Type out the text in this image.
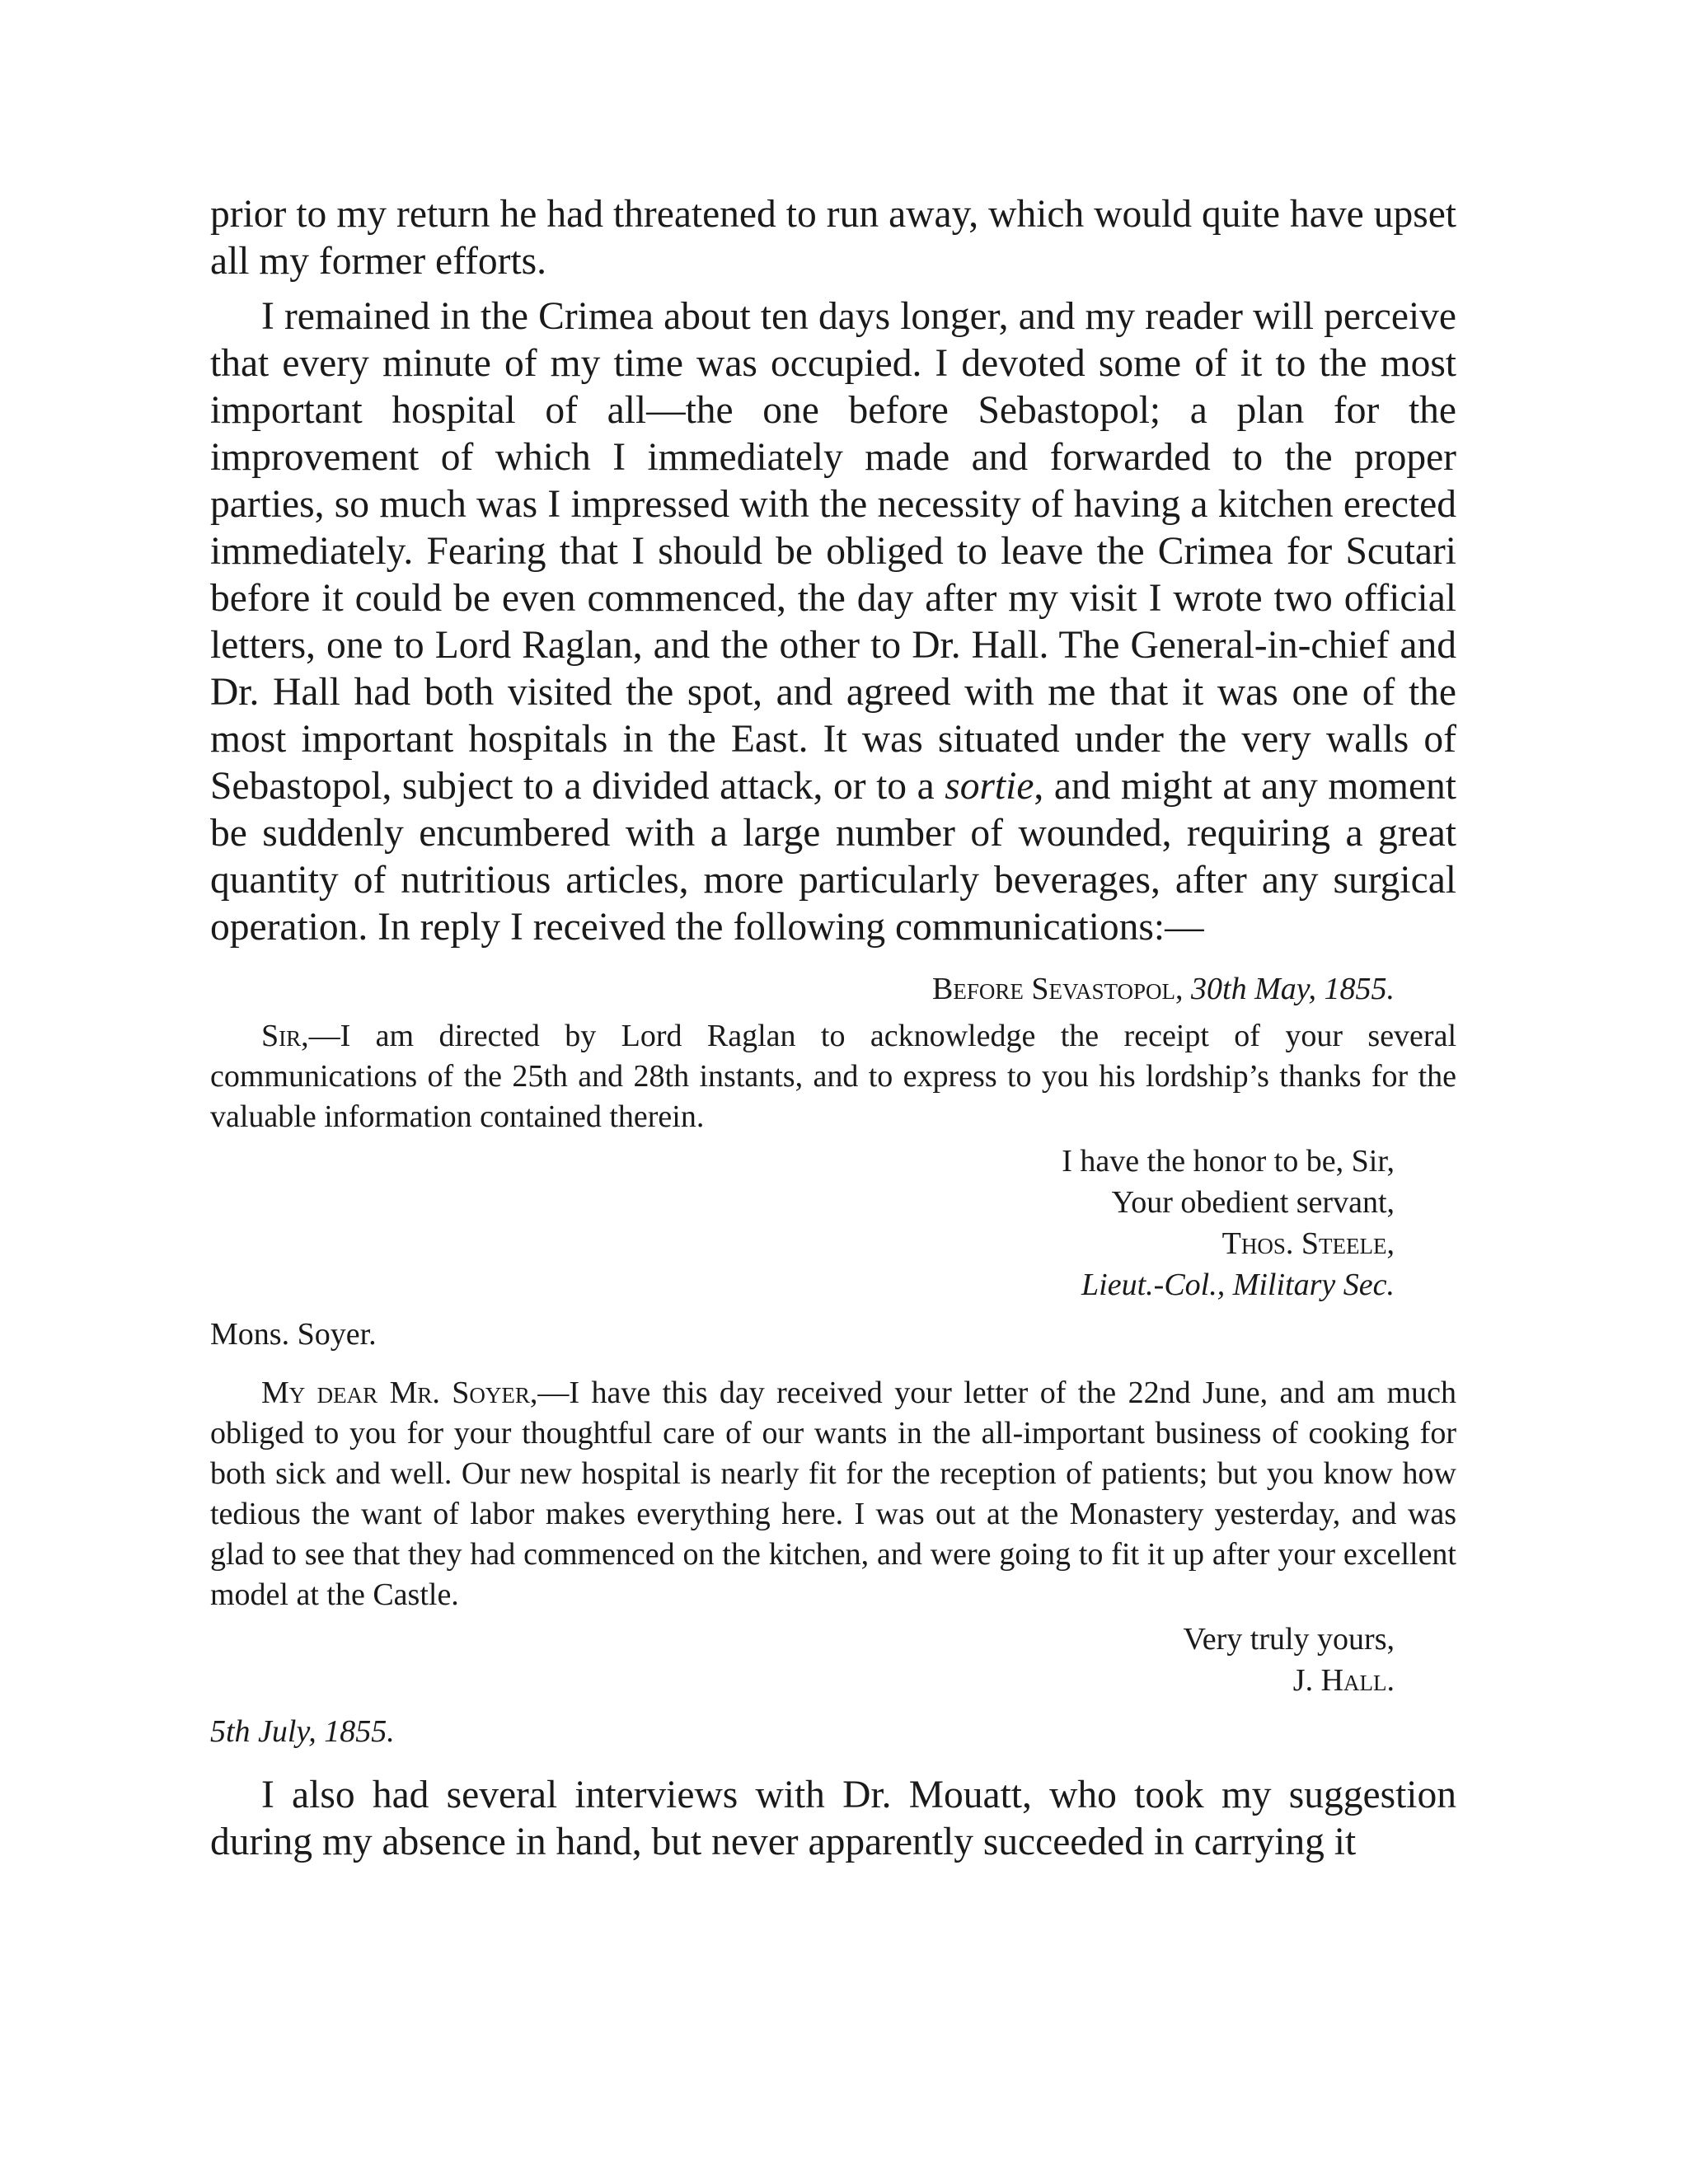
prior to my return he had threatened to run away, which would quite have upset all my former efforts.

I remained in the Crimea about ten days longer, and my reader will perceive that every minute of my time was occupied. I devoted some of it to the most important hospital of all—the one before Sebastopol; a plan for the improvement of which I immediately made and forwarded to the proper parties, so much was I impressed with the necessity of having a kitchen erected immediately. Fearing that I should be obliged to leave the Crimea for Scutari before it could be even commenced, the day after my visit I wrote two official letters, one to Lord Raglan, and the other to Dr. Hall. The General-in-chief and Dr. Hall had both visited the spot, and agreed with me that it was one of the most important hospitals in the East. It was situated under the very walls of Sebastopol, subject to a divided attack, or to a sortie, and might at any moment be suddenly encumbered with a large number of wounded, requiring a great quantity of nutritious articles, more particularly beverages, after any surgical operation. In reply I received the following communications:—

Before Sevastopol, 30th May, 1855.

Sir,—I am directed by Lord Raglan to acknowledge the receipt of your several communications of the 25th and 28th instants, and to express to you his lordship’s thanks for the valuable information contained therein.

I have the honor to be, Sir,
Your obedient servant,
Thos. Steele,
Lieut.-Col., Military Sec.
Mons. Soyer.

My dear Mr. Soyer,—I have this day received your letter of the 22nd June, and am much obliged to you for your thoughtful care of our wants in the all-important business of cooking for both sick and well. Our new hospital is nearly fit for the reception of patients; but you know how tedious the want of labor makes everything here. I was out at the Monastery yesterday, and was glad to see that they had commenced on the kitchen, and were going to fit it up after your excellent model at the Castle.

Very truly yours,
J. Hall.
5th July, 1855.

I also had several interviews with Dr. Mouatt, who took my suggestion during my absence in hand, but never apparently succeeded in carrying it
